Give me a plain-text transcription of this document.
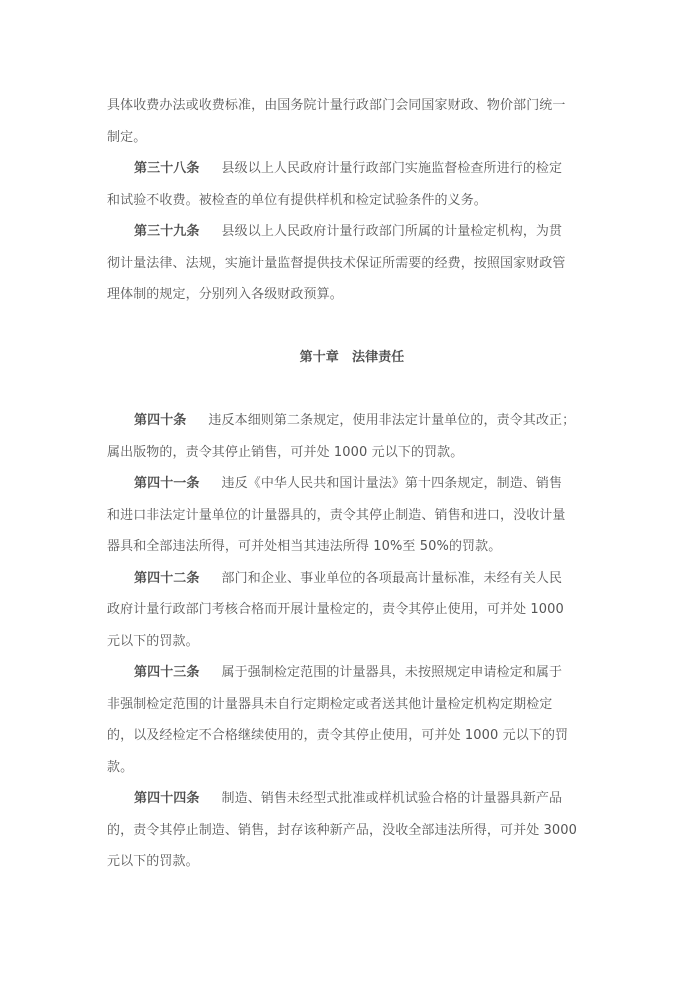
具体收费办法或收费标准，由国务院计量行政部门会同国家财政、物价部门统一
制定。
第三十八条 县级以上人民政府计量行政部门实施监督检查所进行的检定
和试验不收费。被检查的单位有提供样机和检定试验条件的义务。
第三十九条 县级以上人民政府计量行政部门所属的计量检定机构，为贯
彻计量法律、法规，实施计量监督提供技术保证所需要的经费，按照国家财政管
理体制的规定，分别列入各级财政预算。
第十章　法律责任
第四十条 违反本细则第二条规定，使用非法定计量单位的，责令其改正；
属出版物的，责令其停止销售，可并处 1000 元以下的罚款。
第四十一条 违反《中华人民共和国计量法》第十四条规定，制造、销售
和进口非法定计量单位的计量器具的，责令其停止制造、销售和进口，没收计量
器具和全部违法所得，可并处相当其违法所得 10%至 50%的罚款。
第四十二条 部门和企业、事业单位的各项最高计量标准，未经有关人民
政府计量行政部门考核合格而开展计量检定的，责令其停止使用，可并处 1000
元以下的罚款。
第四十三条 属于强制检定范围的计量器具，未按照规定申请检定和属于
非强制检定范围的计量器具未自行定期检定或者送其他计量检定机构定期检定
的，以及经检定不合格继续使用的，责令其停止使用，可并处 1000 元以下的罚
款。
第四十四条 制造、销售未经型式批准或样机试验合格的计量器具新产品
的，责令其停止制造、销售，封存该种新产品，没收全部违法所得，可并处 3000
元以下的罚款。
